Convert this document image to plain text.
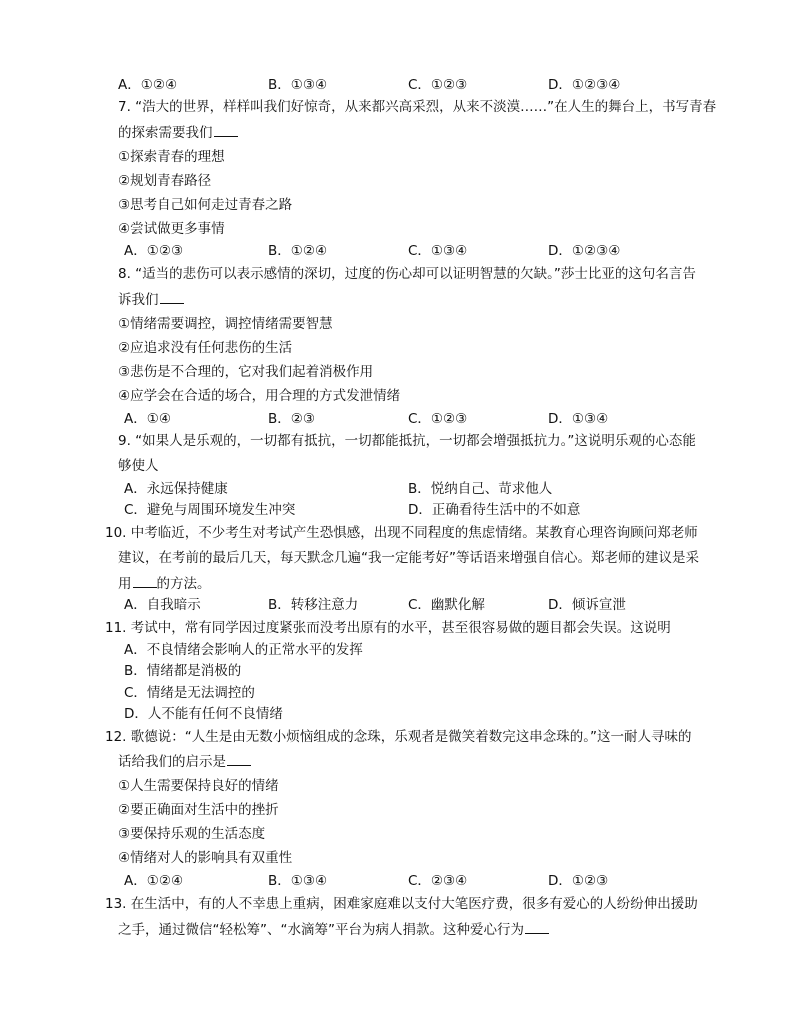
A．①②④	B．①③④	C．①②③	D．①②③④
7. “浩大的世界，样样叫我们好惊奇，从来都兴高采烈，从来不淡漠……”在人生的舞台上，书写青春
的探索需要我们
①探索青春的理想
②规划青春路径
③思考自己如何走过青春之路
④尝试做更多事情
A．①②③	B．①②④	C．①③④	D．①②③④
8. “适当的悲伤可以表示感情的深切，过度的伤心却可以证明智慧的欠缺。”莎士比亚的这句名言告
诉我们
①情绪需要调控，调控情绪需要智慧
②应追求没有任何悲伤的生活
③悲伤是不合理的，它对我们起着消极作用
④应学会在合适的场合，用合理的方式发泄情绪
A．①④	B．②③	C．①②③	D．①③④
9. “如果人是乐观的，一切都有抵抗，一切都能抵抗，一切都会增强抵抗力。”这说明乐观的心态能
够使人
A．永远保持健康	B．悦纳自己、苛求他人
C．避免与周围环境发生冲突	D．正确看待生活中的不如意
10. 中考临近，不少考生对考试产生恐惧感，出现不同程度的焦虑情绪。某教育心理咨询顾问郑老师
建议，在考前的最后几天，每天默念几遍“我一定能考好”等话语来增强自信心。郑老师的建议是采
用 的方法。
A．自我暗示	B．转移注意力	C．幽默化解	D．倾诉宣泄
11. 考试中，常有同学因过度紧张而没考出原有的水平，甚至很容易做的题目都会失误。这说明
A．不良情绪会影响人的正常水平的发挥
B．情绪都是消极的
C．情绪是无法调控的
D．人不能有任何不良情绪
12. 歌德说：“人生是由无数小烦恼组成的念珠，乐观者是微笑着数完这串念珠的。”这一耐人寻味的
话给我们的启示是
①人生需要保持良好的情绪
②要正确面对生活中的挫折
③要保持乐观的生活态度
④情绪对人的影响具有双重性
A．①②④	B．①③④	C．②③④	D．①②③
13. 在生活中，有的人不幸患上重病，困难家庭难以支付大笔医疗费，很多有爱心的人纷纷伸出援助
之手，通过微信“轻松筹”、“水滴筹”平台为病人捐款。这种爱心行为
